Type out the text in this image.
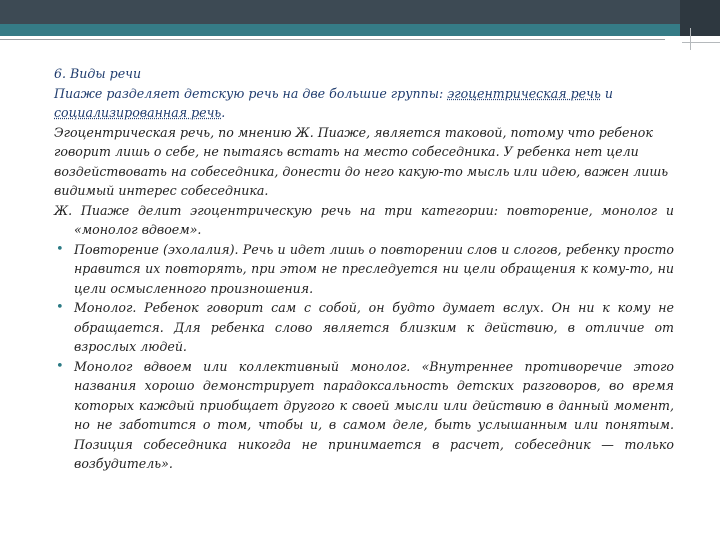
6. Виды речи

Пиаже разделяет детскую речь на две большие группы: эгоцентрическая речь и социализированная речь.

Эгоцентрическая речь, по мнению Ж. Пиаже, является таковой, потому что ребенок говорит лишь о себе, не пытаясь встать на место собеседника. У ребенка нет цели воздействовать на собеседника, донести до него какую-то мысль или идею, важен лишь видимый интерес собеседника.

Ж. Пиаже делит эгоцентрическую речь на три категории: повторение, монолог и «монолог вдвоем».

• Повторение (эхолалия). Речь и идет лишь о повторении слов и слогов, ребенку просто нравится их повторять, при этом не преследуется ни цели обращения к кому-то, ни цели осмысленного произношения.
• Монолог. Ребенок говорит сам с собой, он будто думает вслух. Он ни к кому не обращается. Для ребенка слово является близким к действию, в отличие от взрослых людей.
• Монолог вдвоем или коллективный монолог. «Внутреннее противоречие этого названия хорошо демонстрирует парадоксальность детских разговоров, во время которых каждый приобщает другого к своей мысли или действию в данный момент, но не заботится о том, чтобы и, в самом деле, быть услышанным или понятым. Позиция собеседника никогда не принимается в расчет, собеседник — только возбудитель».
